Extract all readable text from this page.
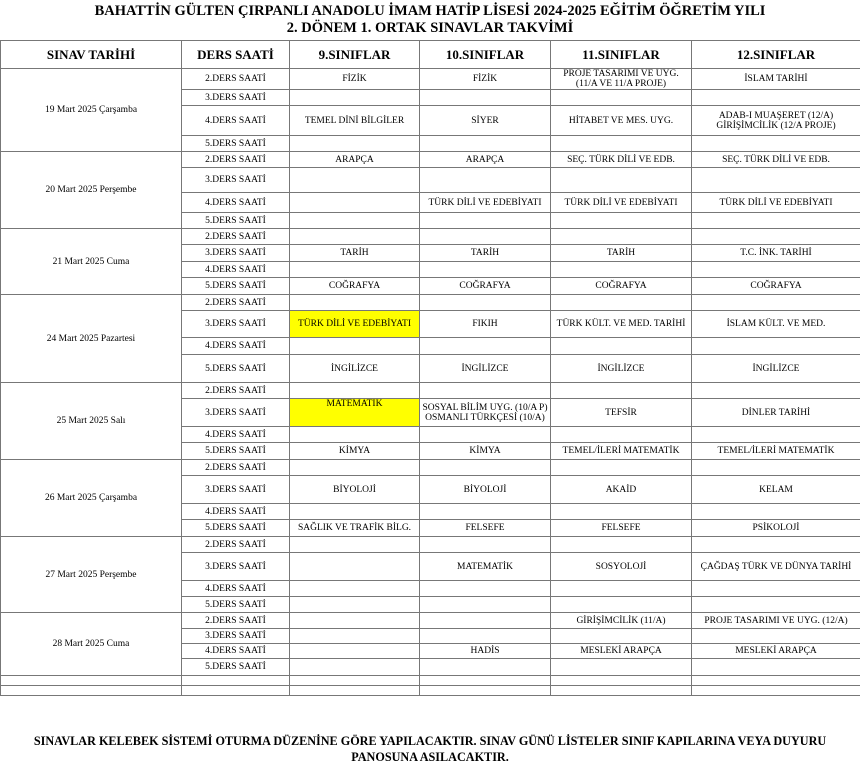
BAHATTİN GÜLTEN ÇIRPANLI ANADOLU İMAM HATİP LİSESİ 2024-2025 EĞİTİM ÖĞRETİM YILI
2. DÖNEM 1. ORTAK SINAVLAR TAKVİMİ
SINAV TARİHİ	DERS SAATİ	9.SINIFLAR	10.SINIFLAR	11.SINIFLAR	12.SINIFLAR
19 Mart 2025 Çarşamba	2.DERS SAATİ	FİZİK	FİZİK	PROJE TASARIMI VE UYG. (11/A VE 11/A PROJE)	İSLAM TARİHİ
	3.DERS SAATİ				
	4.DERS SAATİ	TEMEL DİNİ BİLGİLER	SİYER	HİTABET VE MES. UYG.	ADAB-I MUAŞERET (12/A) GİRİŞİMCİLİK (12/A PROJE)
	5.DERS SAATİ				
20 Mart 2025 Perşembe	2.DERS SAATİ	ARAPÇA	ARAPÇA	SEÇ. TÜRK DİLİ VE EDB.	SEÇ. TÜRK DİLİ VE EDB.
	3.DERS SAATİ				
	4.DERS SAATİ		TÜRK DİLİ VE EDEBİYATI	TÜRK DİLİ VE EDEBİYATI	TÜRK DİLİ VE EDEBİYATI
	5.DERS SAATİ				
21 Mart 2025 Cuma	2.DERS SAATİ				
	3.DERS SAATİ	TARİH	TARİH	TARİH	T.C. İNK. TARİHİ
	4.DERS SAATİ				
	5.DERS SAATİ	COĞRAFYA	COĞRAFYA	COĞRAFYA	COĞRAFYA
24 Mart 2025 Pazartesi	2.DERS SAATİ				
	3.DERS SAATİ	TÜRK DİLİ VE EDEBİYATI	FIKIH	TÜRK KÜLT. VE MED. TARİHİ	İSLAM KÜLT. VE MED.
	4.DERS SAATİ				
	5.DERS SAATİ	İNGİLİZCE	İNGİLİZCE	İNGİLİZCE	İNGİLİZCE
25 Mart 2025 Salı	2.DERS SAATİ				
	3.DERS SAATİ	MATEMATİK	SOSYAL BİLİM UYG. (10/A P) OSMANLI TÜRKÇESİ (10/A)	TEFSİR	DİNLER TARİHİ
	4.DERS SAATİ				
	5.DERS SAATİ	KİMYA	KİMYA	TEMEL/İLERİ MATEMATİK	TEMEL/İLERİ MATEMATİK
26 Mart 2025 Çarşamba	2.DERS SAATİ				
	3.DERS SAATİ	BİYOLOJİ	BİYOLOJİ	AKAİD	KELAM
	4.DERS SAATİ				
	5.DERS SAATİ	SAĞLIK VE TRAFİK BİLG.	FELSEFE	FELSEFE	PSİKOLOJİ
27 Mart 2025 Perşembe	2.DERS SAATİ				
	3.DERS SAATİ		MATEMATİK	SOSYOLOJİ	ÇAĞDAŞ TÜRK VE DÜNYA TARİHİ
	4.DERS SAATİ				
	5.DERS SAATİ				
28 Mart 2025 Cuma	2.DERS SAATİ			GİRİŞİMCİLİK (11/A)	PROJE TASARIMI VE UYG. (12/A)
	3.DERS SAATİ				
	4.DERS SAATİ		HADİS	MESLEKİ ARAPÇA	MESLEKİ ARAPÇA
	5.DERS SAATİ				

SINAVLAR KELEBEK SİSTEMİ OTURMA DÜZENİNE GÖRE YAPILACAKTIR. SINAV GÜNÜ LİSTELER SINIF KAPILARINA VEYA DUYURU PANOSUNA ASILACAKTIR.
